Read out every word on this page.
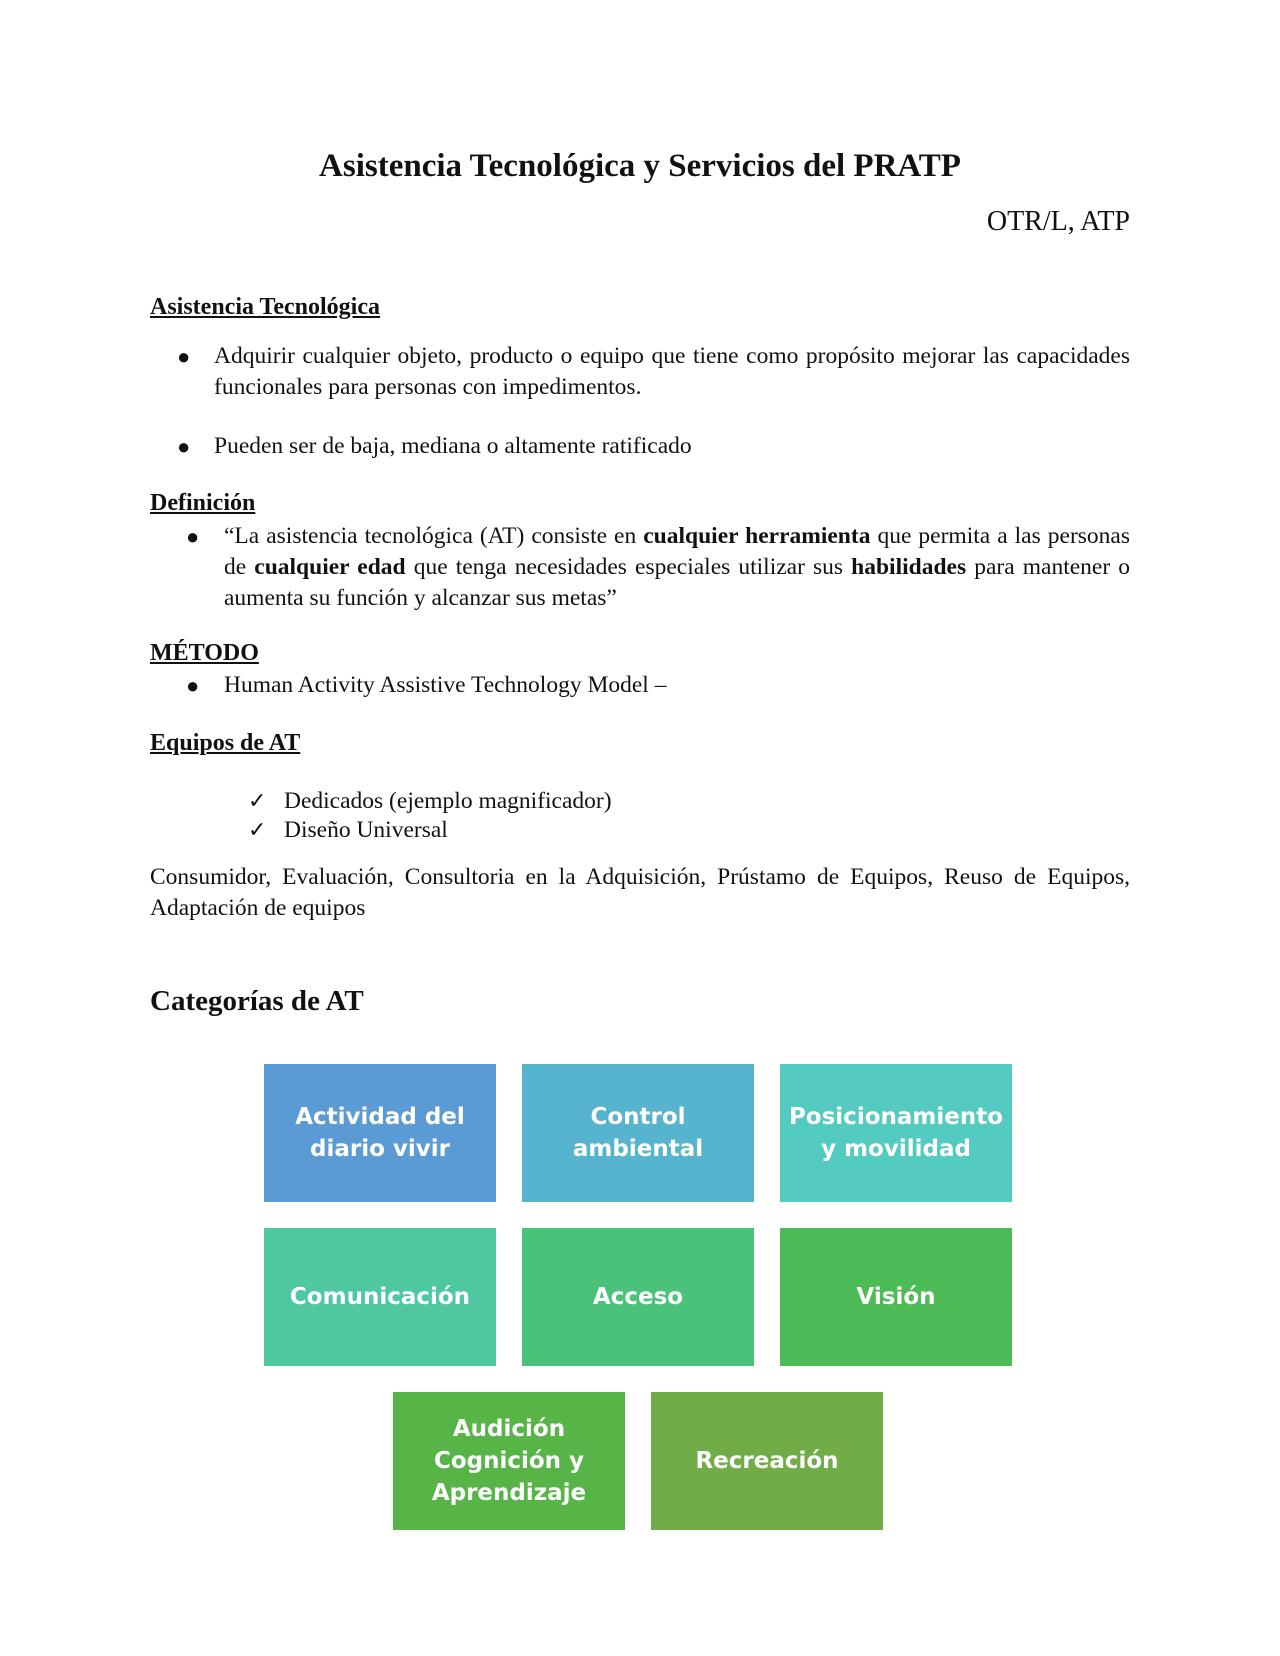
Asistencia Tecnológica y Servicios del PRATP

OTR/L, ATP

Asistencia Tecnológica
● Adquirir cualquier objeto, producto o equipo que tiene como propósito mejorar las capacidades funcionales para personas con impedimentos.

● Pueden ser de baja, mediana o altamente ratificado

Definición
● “La asistencia tecnológica (AT) consiste en cualquier herramienta que permita a las personas de cualquier edad que tenga necesidades especiales utilizar sus habilidades para mantener o aumenta su función y alcanzar sus metas”

MÉTODO
● Human Activity Assistive Technology Model –

Equipos de AT
✓ Dedicados (ejemplo magnificador)

✓ Diseño Universal

Consumidor, Evaluación, Consultoria en la Adquisición, Prústamo de Equipos, Reuso de Equipos, Adaptación de equipos

Categorías de AT
Actividad del
diario vivir
Control
ambiental
Posicionamiento
y movilidad
Comunicación	Acceso	Visión
Audición
Cognición y
Aprendizaje
Recreación
